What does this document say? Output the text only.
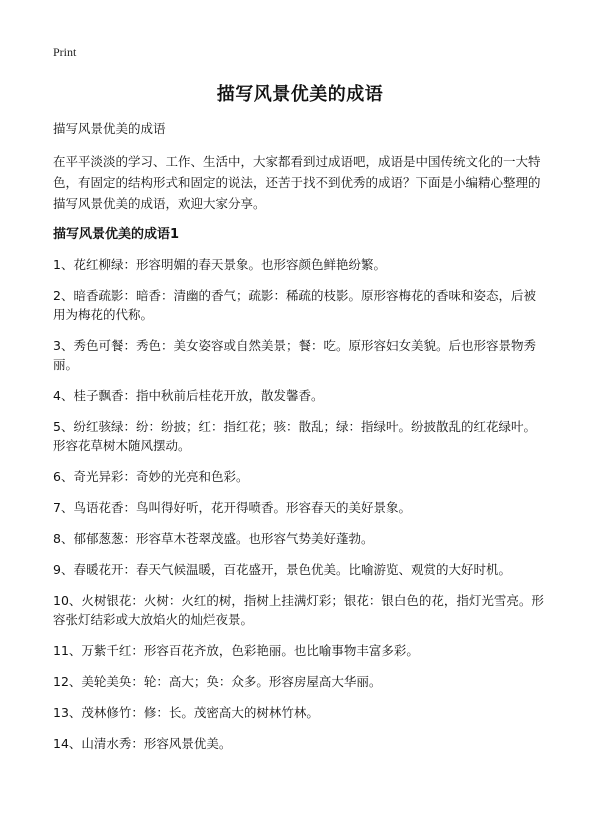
Print
描写风景优美的成语

描写风景优美的成语

在平平淡淡的学习、工作、生活中，大家都看到过成语吧，成语是中国传统文化的一大特色，有固定的结构形式和固定的说法，还苦于找不到优秀的成语？下面是小编精心整理的描写风景优美的成语，欢迎大家分享。

描写风景优美的成语1

1、花红柳绿：形容明媚的春天景象。也形容颜色鲜艳纷繁。

2、暗香疏影：暗香：清幽的香气；疏影：稀疏的枝影。原形容梅花的香味和姿态，后被用为梅花的代称。

3、秀色可餐：秀色：美女姿容或自然美景；餐：吃。原形容妇女美貌。后也形容景物秀丽。

4、桂子飘香：指中秋前后桂花开放，散发馨香。

5、纷红骇绿：纷：纷披；红：指红花；骇：散乱；绿：指绿叶。纷披散乱的红花绿叶。形容花草树木随风摆动。

6、奇光异彩：奇妙的光亮和色彩。

7、鸟语花香：鸟叫得好听，花开得喷香。形容春天的美好景象。

8、郁郁葱葱：形容草木苍翠茂盛。也形容气势美好蓬勃。

9、春暖花开：春天气候温暖，百花盛开，景色优美。比喻游览、观赏的大好时机。

10、火树银花：火树：火红的树，指树上挂满灯彩；银花：银白色的花，指灯光雪亮。形容张灯结彩或大放焰火的灿烂夜景。

11、万紫千红：形容百花齐放，色彩艳丽。也比喻事物丰富多彩。

12、美轮美奂：轮：高大；奂：众多。形容房屋高大华丽。

13、茂林修竹：修：长。茂密高大的树林竹林。

14、山清水秀：形容风景优美。
